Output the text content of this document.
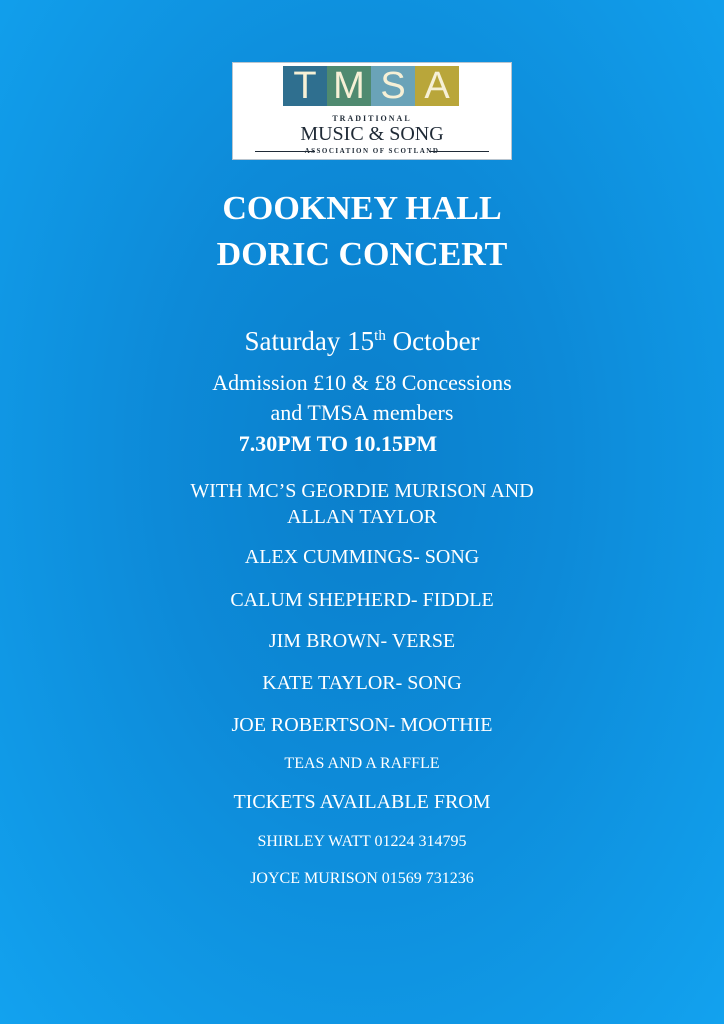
T M S A
TRADITIONAL
MUSIC & SONG
ASSOCIATION OF SCOTLAND
COOKNEY HALL
DORIC CONCERT
Saturday 15th October
Admission £10 & £8 Concessions
and TMSA members
7.30PM TO 10.15PM
WITH MC’S GEORDIE MURISON AND
ALLAN TAYLOR
ALEX CUMMINGS- SONG
CALUM SHEPHERD- FIDDLE
JIM BROWN- VERSE
KATE TAYLOR- SONG
JOE ROBERTSON- MOOTHIE
TEAS AND A RAFFLE
TICKETS AVAILABLE FROM
SHIRLEY WATT 01224 314795
JOYCE MURISON 01569 731236
